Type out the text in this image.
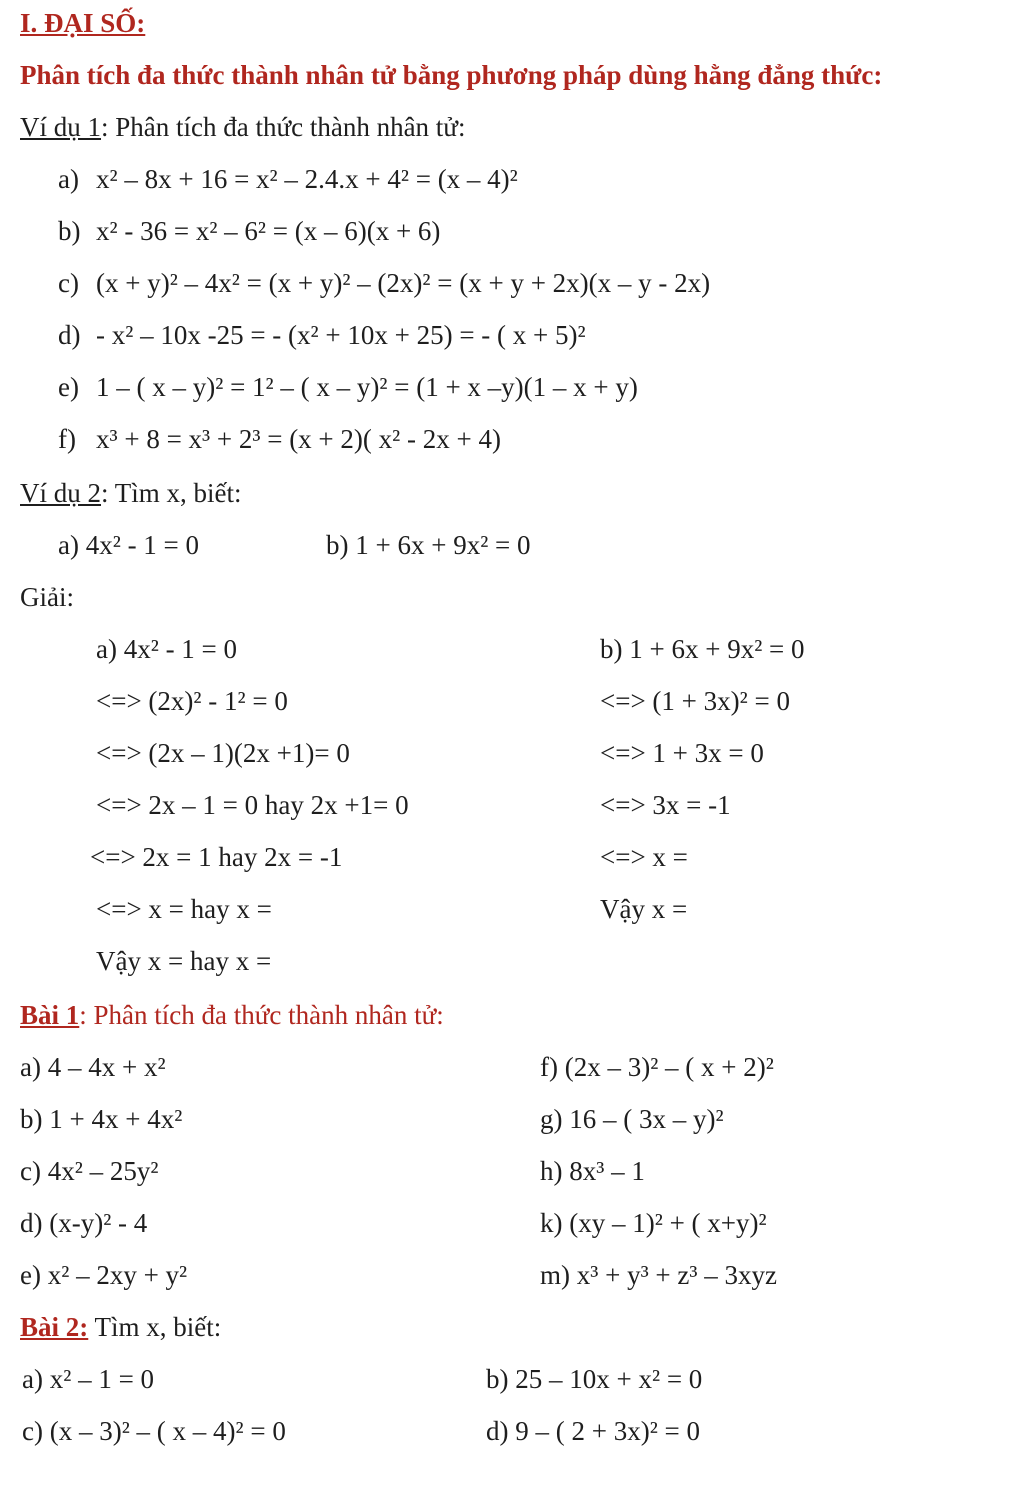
I. ĐẠI SỐ:
Phân tích đa thức thành nhân tử bằng phương pháp dùng hằng đẳng thức:
Ví dụ 1: Phân tích đa thức thành nhân tử:
a) x² – 8x + 16 = x² – 2.4.x + 4² = (x – 4)²
b) x² - 36 = x² – 6² = (x – 6)(x + 6)
c) (x + y)² – 4x² = (x + y)² – (2x)² = (x + y + 2x)(x – y - 2x)
d) - x² – 10x -25 = - (x² + 10x + 25) = - ( x + 5)²
e) 1 – ( x – y)² = 1² – ( x – y)² = (1 + x –y)(1 – x + y)
f) x³ + 8 = x³ + 2³ = (x + 2)( x² - 2x + 4)
Ví dụ 2: Tìm x, biết:
a) 4x² - 1 = 0	b) 1 + 6x + 9x² = 0
Giải:
a) 4x² - 1 = 0
<=> (2x)² - 1² = 0
<=> (2x – 1)(2x +1)= 0
<=> 2x – 1 = 0 hay 2x +1= 0
<=> 2x = 1 hay 2x = -1
<=> x = hay x =
Vậy x = hay x =
b) 1 + 6x + 9x² = 0
<=> (1 + 3x)² = 0
<=> 1 + 3x = 0
<=> 3x = -1
<=> x =
Vậy x =
Bài 1: Phân tích đa thức thành nhân tử:
a) 4 – 4x + x²
b) 1 + 4x + 4x²
c) 4x² – 25y²
d) (x-y)² - 4
e) x² – 2xy + y²
f) (2x – 3)² – ( x + 2)²
g) 16 – ( 3x – y)²
h) 8x³ – 1
k) (xy – 1)² + ( x+y)²
m) x³ + y³ + z³ – 3xyz
Bài 2: Tìm x, biết:
a) x² – 1 = 0
c) (x – 3)² – ( x – 4)² = 0
b) 25 – 10x + x² = 0
d) 9 – ( 2 + 3x)² = 0
